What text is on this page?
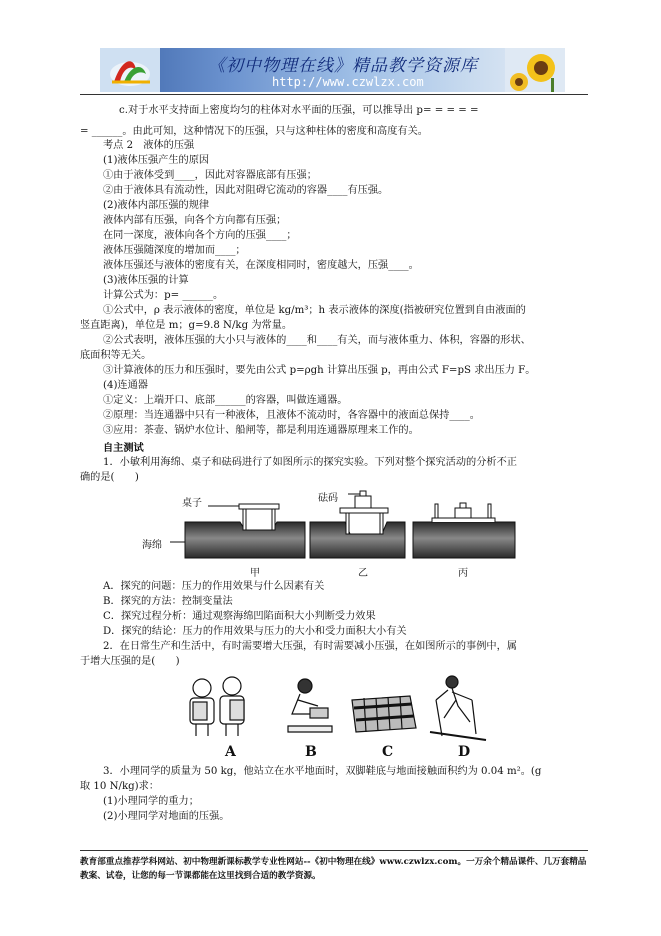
《初中物理在线》精品教学资源库
http://www.czwlzx.com
c.对于水平支持面上密度均匀的柱体对水平面的压强，可以推导出 p= = = = =
= ______。由此可知，这种情况下的压强，只与这种柱体的密度和高度有关。
考点 2　液体的压强
(1)液体压强产生的原因
①由于液体受到____，因此对容器底部有压强；
②由于液体具有流动性，因此对阻碍它流动的容器____有压强。
(2)液体内部压强的规律
液体内部有压强，向各个方向都有压强；
在同一深度，液体向各个方向的压强____；
液体压强随深度的增加而____；
液体压强还与液体的密度有关，在深度相同时，密度越大，压强____。
(3)液体压强的计算
计算公式为：p= ______。
①公式中，ρ 表示液体的密度，单位是 kg/m³；h 表示液体的深度(指被研究位置到自由液面的
竖直距离)，单位是 m；g=9.8 N/kg 为常量。
②公式表明，液体压强的大小只与液体的____和____有关，而与液体重力、体积，容器的形状、
底面积等无关。
③计算液体的压力和压强时，要先由公式 p=ρgh 计算出压强 p，再由公式 F=pS 求出压力 F。
(4)连通器
①定义：上端开口、底部______的容器，叫做连通器。
②原理：当连通器中只有一种液体，且液体不流动时，各容器中的液面总保持____。
③应用：茶壶、锅炉水位计、船闸等，都是利用连通器原理来工作的。
自主测试
1．小敏利用海绵、桌子和砝码进行了如图所示的探究实验。下列对整个探究活动的分析不正
确的是(　　)
桌子	砝码
海绵
甲	乙	丙
A．探究的问题：压力的作用效果与什么因素有关
B．探究的方法：控制变量法
C．探究过程分析：通过观察海绵凹陷面积大小判断受力效果
D．探究的结论：压力的作用效果与压力的大小和受力面积大小有关
2．在日常生产和生活中，有时需要增大压强，有时需要减小压强，在如图所示的事例中，属
于增大压强的是(　　)
A	B	C	D
3．小理同学的质量为 50 kg，他站立在水平地面时，双脚鞋底与地面接触面积约为 0.04 m²。(g
取 10 N/kg)求：
(1)小理同学的重力；
(2)小理同学对地面的压强。
教育部重点推荐学科网站、初中物理新课标教学专业性网站--《初中物理在线》www.czwlzx.com。一万余个精品课件、几万套精品教案、试卷，让您的每一节课都能在这里找到合适的教学资源。
